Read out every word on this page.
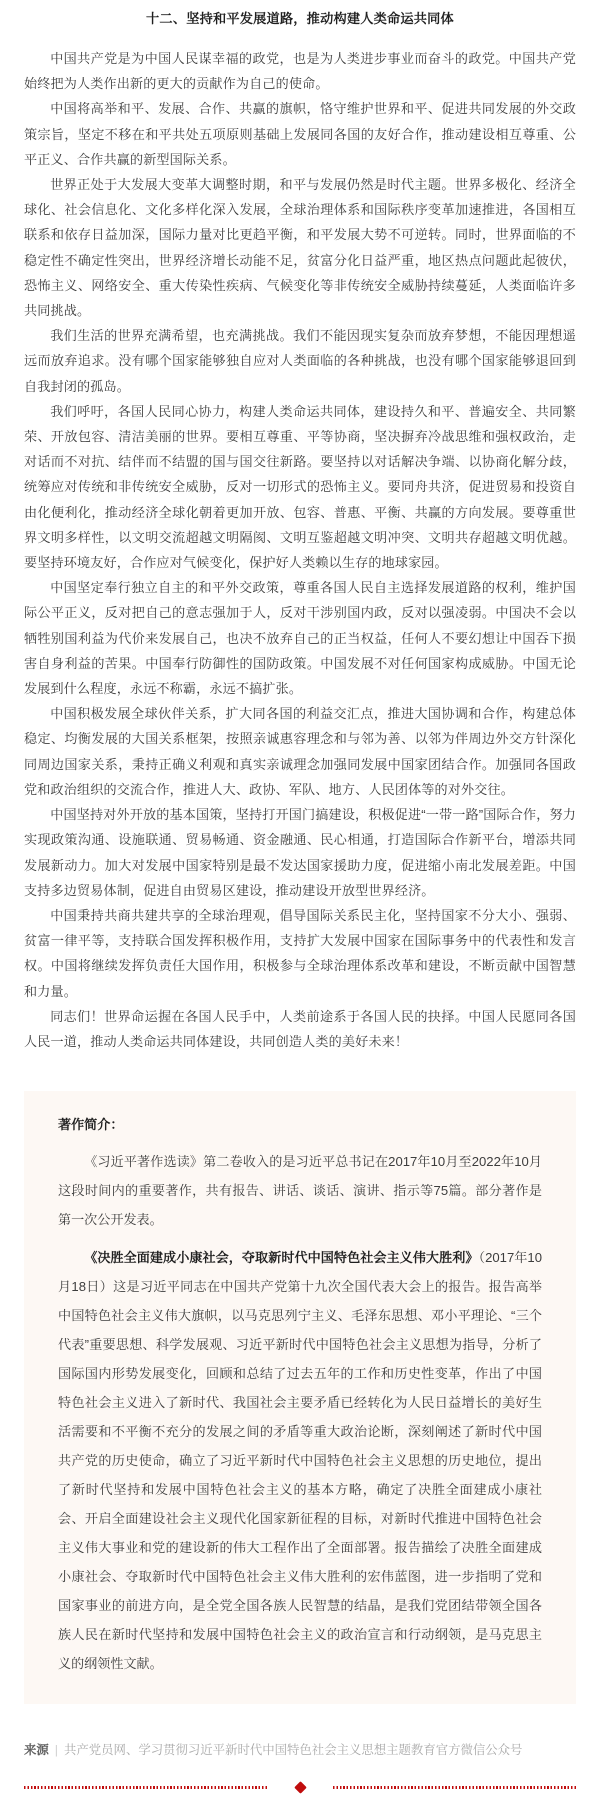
十二、坚持和平发展道路，推动构建人类命运共同体

中国共产党是为中国人民谋幸福的政党，也是为人类进步事业而奋斗的政党。中国共产党始终把为人类作出新的更大的贡献作为自己的使命。

中国将高举和平、发展、合作、共赢的旗帜，恪守维护世界和平、促进共同发展的外交政策宗旨，坚定不移在和平共处五项原则基础上发展同各国的友好合作，推动建设相互尊重、公平正义、合作共赢的新型国际关系。

世界正处于大发展大变革大调整时期，和平与发展仍然是时代主题。世界多极化、经济全球化、社会信息化、文化多样化深入发展，全球治理体系和国际秩序变革加速推进，各国相互联系和依存日益加深，国际力量对比更趋平衡，和平发展大势不可逆转。同时，世界面临的不稳定性不确定性突出，世界经济增长动能不足，贫富分化日益严重，地区热点问题此起彼伏，恐怖主义、网络安全、重大传染性疾病、气候变化等非传统安全威胁持续蔓延，人类面临许多共同挑战。

我们生活的世界充满希望，也充满挑战。我们不能因现实复杂而放弃梦想，不能因理想遥远而放弃追求。没有哪个国家能够独自应对人类面临的各种挑战，也没有哪个国家能够退回到自我封闭的孤岛。

我们呼吁，各国人民同心协力，构建人类命运共同体，建设持久和平、普遍安全、共同繁荣、开放包容、清洁美丽的世界。要相互尊重、平等协商，坚决摒弃冷战思维和强权政治，走对话而不对抗、结伴而不结盟的国与国交往新路。要坚持以对话解决争端、以协商化解分歧，统筹应对传统和非传统安全威胁，反对一切形式的恐怖主义。要同舟共济，促进贸易和投资自由化便利化，推动经济全球化朝着更加开放、包容、普惠、平衡、共赢的方向发展。要尊重世界文明多样性，以文明交流超越文明隔阂、文明互鉴超越文明冲突、文明共存超越文明优越。要坚持环境友好，合作应对气候变化，保护好人类赖以生存的地球家园。

中国坚定奉行独立自主的和平外交政策，尊重各国人民自主选择发展道路的权利，维护国际公平正义，反对把自己的意志强加于人，反对干涉别国内政，反对以强凌弱。中国决不会以牺牲别国利益为代价来发展自己，也决不放弃自己的正当权益，任何人不要幻想让中国吞下损害自身利益的苦果。中国奉行防御性的国防政策。中国发展不对任何国家构成威胁。中国无论发展到什么程度，永远不称霸，永远不搞扩张。

中国积极发展全球伙伴关系，扩大同各国的利益交汇点，推进大国协调和合作，构建总体稳定、均衡发展的大国关系框架，按照亲诚惠容理念和与邻为善、以邻为伴周边外交方针深化同周边国家关系，秉持正确义利观和真实亲诚理念加强同发展中国家团结合作。加强同各国政党和政治组织的交流合作，推进人大、政协、军队、地方、人民团体等的对外交往。

中国坚持对外开放的基本国策，坚持打开国门搞建设，积极促进“一带一路”国际合作，努力实现政策沟通、设施联通、贸易畅通、资金融通、民心相通，打造国际合作新平台，增添共同发展新动力。加大对发展中国家特别是最不发达国家援助力度，促进缩小南北发展差距。中国支持多边贸易体制，促进自由贸易区建设，推动建设开放型世界经济。

中国秉持共商共建共享的全球治理观，倡导国际关系民主化，坚持国家不分大小、强弱、贫富一律平等，支持联合国发挥积极作用，支持扩大发展中国家在国际事务中的代表性和发言权。中国将继续发挥负责任大国作用，积极参与全球治理体系改革和建设，不断贡献中国智慧和力量。

同志们！世界命运握在各国人民手中，人类前途系于各国人民的抉择。中国人民愿同各国人民一道，推动人类命运共同体建设，共同创造人类的美好未来！

著作简介：

《习近平著作选读》第二卷收入的是习近平总书记在2017年10月至2022年10月这段时间内的重要著作，共有报告、讲话、谈话、演讲、指示等75篇。部分著作是第一次公开发表。

《决胜全面建成小康社会，夺取新时代中国特色社会主义伟大胜利》（2017年10月18日）这是习近平同志在中国共产党第十九次全国代表大会上的报告。报告高举中国特色社会主义伟大旗帜，以马克思列宁主义、毛泽东思想、邓小平理论、“三个代表”重要思想、科学发展观、习近平新时代中国特色社会主义思想为指导，分析了国际国内形势发展变化，回顾和总结了过去五年的工作和历史性变革，作出了中国特色社会主义进入了新时代、我国社会主要矛盾已经转化为人民日益增长的美好生活需要和不平衡不充分的发展之间的矛盾等重大政治论断，深刻阐述了新时代中国共产党的历史使命，确立了习近平新时代中国特色社会主义思想的历史地位，提出了新时代坚持和发展中国特色社会主义的基本方略，确定了决胜全面建成小康社会、开启全面建设社会主义现代化国家新征程的目标，对新时代推进中国特色社会主义伟大事业和党的建设新的伟大工程作出了全面部署。报告描绘了决胜全面建成小康社会、夺取新时代中国特色社会主义伟大胜利的宏伟蓝图，进一步指明了党和国家事业的前进方向，是全党全国各族人民智慧的结晶，是我们党团结带领全国各族人民在新时代坚持和发展中国特色社会主义的政治宣言和行动纲领，是马克思主义的纲领性文献。

来源 | 共产党员网、学习贯彻习近平新时代中国特色社会主义思想主题教育官方微信公众号
